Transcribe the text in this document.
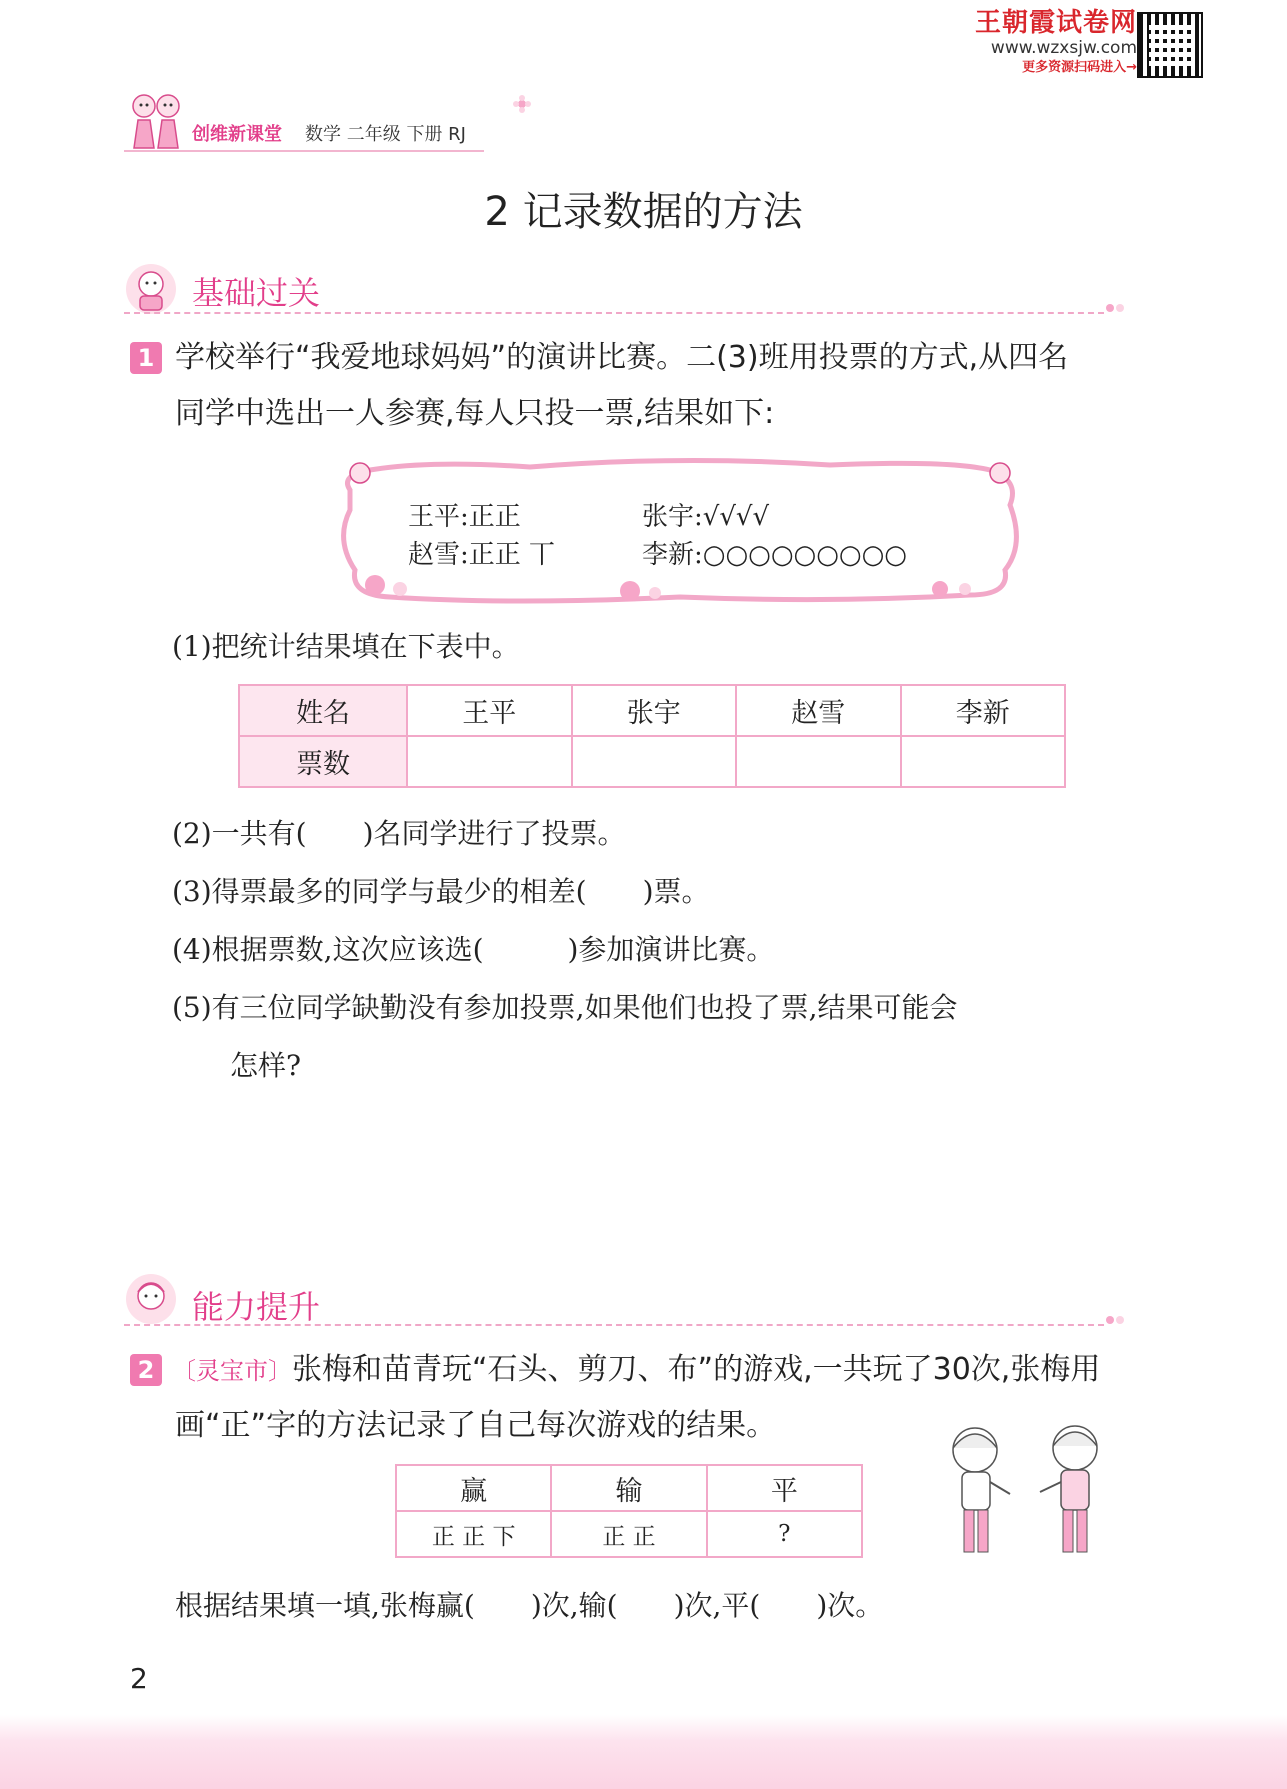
王朝霞试卷网
www.wzxsjw.com
更多资源扫码进入→
创维新课堂 数学 二年级 下册 RJ
2 记录数据的方法
基础过关
1 学校举行“我爱地球妈妈”的演讲比赛。二(3)班用投票的方式,从四名
同学中选出一人参赛,每人只投一票,结果如下:
王平:正正	张宇:√√√√
赵雪:正正 丅	李新:○○○○○○○○○
(1)把统计结果填在下表中。
姓名	王平	张宇	赵雪	李新
票数				
(2)一共有(　　)名同学进行了投票。
(3)得票最多的同学与最少的相差(　　)票。
(4)根据票数,这次应该选(　　　)参加演讲比赛。
(5)有三位同学缺勤没有参加投票,如果他们也投了票,结果可能会
怎样?
能力提升
2 〔灵宝市〕张梅和苗青玩“石头、剪刀、布”的游戏,一共玩了30次,张梅用
画“正”字的方法记录了自己每次游戏的结果。
赢	输	平
正 正 下	正 正	?
根据结果填一填,张梅赢(　　)次,输(　　)次,平(　　)次。
2
